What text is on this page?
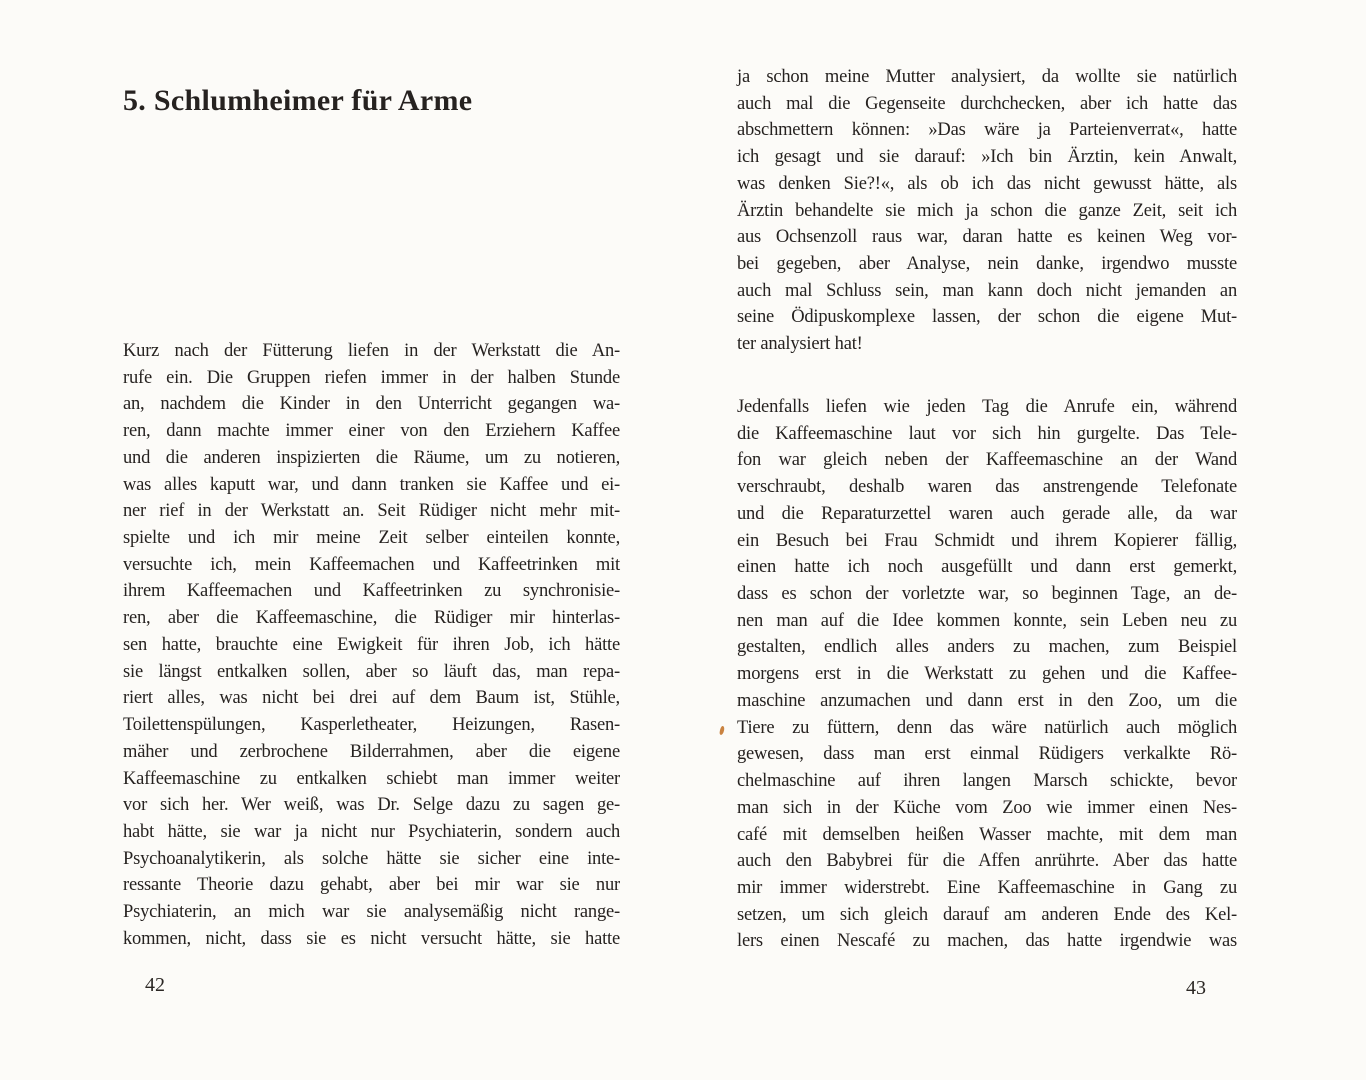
5. Schlumheimer für Arme
Kurz nach der Fütterung liefen in der Werkstatt die An-
rufe ein. Die Gruppen riefen immer in der halben Stunde
an, nachdem die Kinder in den Unterricht gegangen wa-
ren, dann machte immer einer von den Erziehern Kaffee
und die anderen inspizierten die Räume, um zu notieren,
was alles kaputt war, und dann tranken sie Kaffee und ei-
ner rief in der Werkstatt an. Seit Rüdiger nicht mehr mit-
spielte und ich mir meine Zeit selber einteilen konnte,
versuchte ich, mein Kaffeemachen und Kaffeetrinken mit
ihrem Kaffeemachen und Kaffeetrinken zu synchronisie-
ren, aber die Kaffeemaschine, die Rüdiger mir hinterlas-
sen hatte, brauchte eine Ewigkeit für ihren Job, ich hätte
sie längst entkalken sollen, aber so läuft das, man repa-
riert alles, was nicht bei drei auf dem Baum ist, Stühle,
Toilettenspülungen, Kasperletheater, Heizungen, Rasen-
mäher und zerbrochene Bilderrahmen, aber die eigene
Kaffeemaschine zu entkalken schiebt man immer weiter
vor sich her. Wer weiß, was Dr. Selge dazu zu sagen ge-
habt hätte, sie war ja nicht nur Psychiaterin, sondern auch
Psychoanalytikerin, als solche hätte sie sicher eine inte-
ressante Theorie dazu gehabt, aber bei mir war sie nur
Psychiaterin, an mich war sie analysemäßig nicht range-
kommen, nicht, dass sie es nicht versucht hätte, sie hatte
42
ja schon meine Mutter analysiert, da wollte sie natürlich
auch mal die Gegenseite durchchecken, aber ich hatte das
abschmettern können: »Das wäre ja Parteienverrat«, hatte
ich gesagt und sie darauf: »Ich bin Ärztin, kein Anwalt,
was denken Sie?!«, als ob ich das nicht gewusst hätte, als
Ärztin behandelte sie mich ja schon die ganze Zeit, seit ich
aus Ochsenzoll raus war, daran hatte es keinen Weg vor-
bei gegeben, aber Analyse, nein danke, irgendwo musste
auch mal Schluss sein, man kann doch nicht jemanden an
seine Ödipuskomplexe lassen, der schon die eigene Mut-
ter analysiert hat!
Jedenfalls liefen wie jeden Tag die Anrufe ein, während
die Kaffeemaschine laut vor sich hin gurgelte. Das Tele-
fon war gleich neben der Kaffeemaschine an der Wand
verschraubt, deshalb waren das anstrengende Telefonate
und die Reparaturzettel waren auch gerade alle, da war
ein Besuch bei Frau Schmidt und ihrem Kopierer fällig,
einen hatte ich noch ausgefüllt und dann erst gemerkt,
dass es schon der vorletzte war, so beginnen Tage, an de-
nen man auf die Idee kommen konnte, sein Leben neu zu
gestalten, endlich alles anders zu machen, zum Beispiel
morgens erst in die Werkstatt zu gehen und die Kaffee-
maschine anzumachen und dann erst in den Zoo, um die
Tiere zu füttern, denn das wäre natürlich auch möglich
gewesen, dass man erst einmal Rüdigers verkalkte Rö-
chelmaschine auf ihren langen Marsch schickte, bevor
man sich in der Küche vom Zoo wie immer einen Nes-
café mit demselben heißen Wasser machte, mit dem man
auch den Babybrei für die Affen anrührte. Aber das hatte
mir immer widerstrebt. Eine Kaffeemaschine in Gang zu
setzen, um sich gleich darauf am anderen Ende des Kel-
lers einen Nescafé zu machen, das hatte irgendwie was
43
